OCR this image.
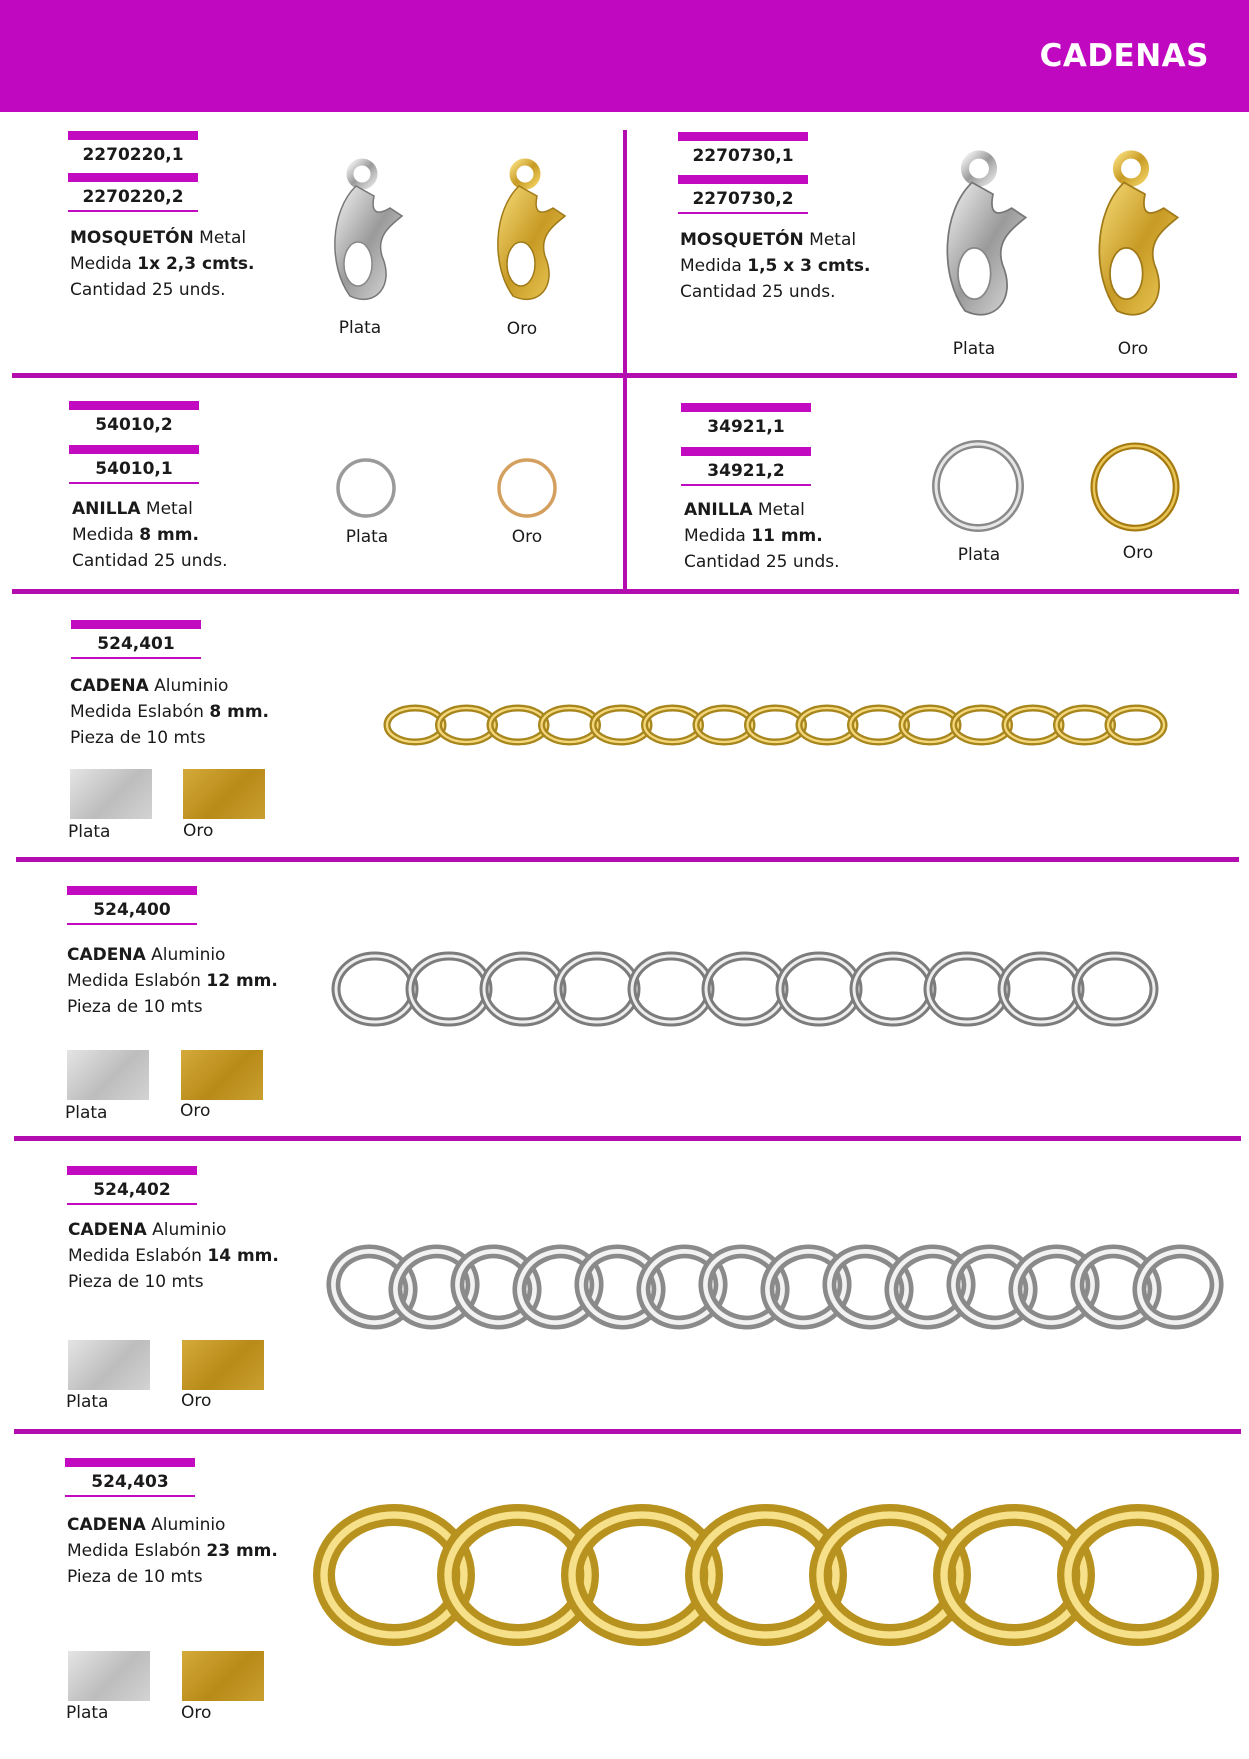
CADENAS
2270220,1
2270220,2
MOSQUETÓN Metal
Medida 1x 2,3 cmts.
Cantidad 25 unds.
Plata	Oro
2270730,1
2270730,2
MOSQUETÓN Metal
Medida 1,5 x 3 cmts.
Cantidad 25 unds.
Plata	Oro
54010,2
54010,1
ANILLA Metal
Medida 8 mm.
Cantidad 25 unds.
Plata	Oro
34921,1
34921,2
ANILLA Metal
Medida 11 mm.
Cantidad 25 unds.	Plata	Oro
524,401
CADENA Aluminio
Medida Eslabón 8 mm.
Pieza de 10 mts
Plata	Oro
524,400
CADENA Aluminio
Medida Eslabón 12 mm.
Pieza de 10 mts
Plata	Oro
524,402
CADENA Aluminio
Medida Eslabón 14 mm.
Pieza de 10 mts
Plata	Oro
524,403
CADENA Aluminio
Medida Eslabón 23 mm.
Pieza de 10 mts
Plata	Oro
